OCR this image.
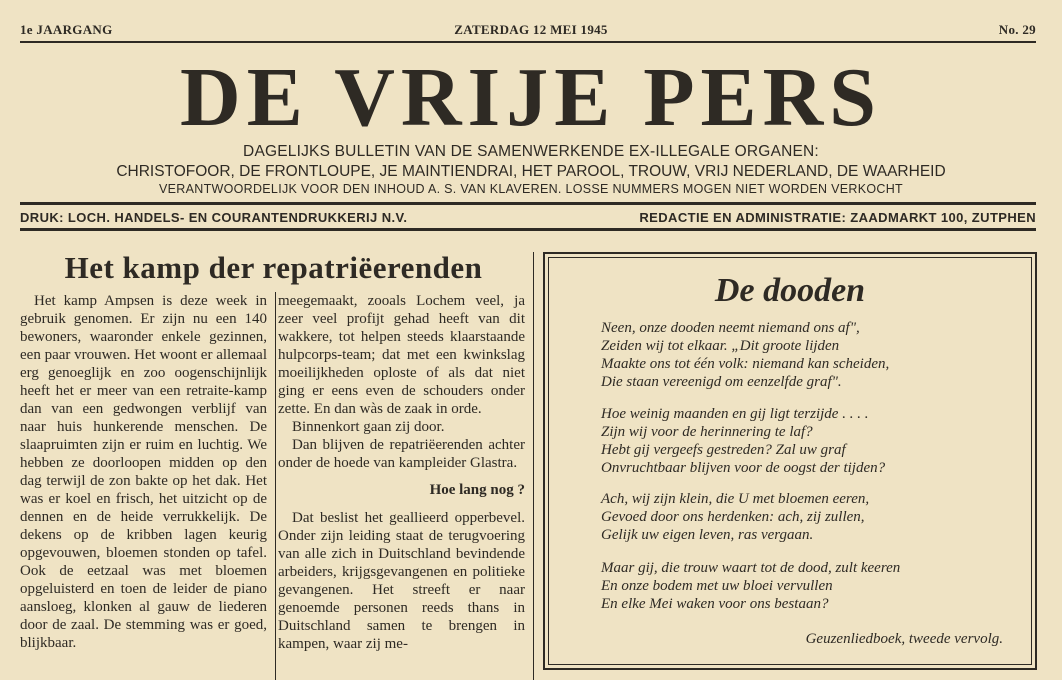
1e JAARGANG	ZATERDAG 12 MEI 1945	No. 29
DE VRIJE PERS
DAGELIJKS BULLETIN VAN DE SAMENWERKENDE EX-ILLEGALE ORGANEN:
CHRISTOFOOR, DE FRONTLOUPE, JE MAINTIENDRAI, HET PAROOL, TROUW, VRIJ NEDERLAND, DE WAARHEID
VERANTWOORDELIJK VOOR DEN INHOUD A. S. VAN KLAVEREN. LOSSE NUMMERS MOGEN NIET WORDEN VERKOCHT
DRUK: LOCH. HANDELS- EN COURANTENDRUKKERIJ N.V.	REDACTIE EN ADMINISTRATIE: ZAADMARKT 100, ZUTPHEN
Het kamp der repatriëerenden

Het kamp Ampsen is deze week in gebruik genomen. Er zijn nu een 140 bewoners, waaronder enkele gezinnen, een paar vrouwen. Het woont er allemaal erg genoeglijk en zoo oogenschijnlijk heeft het er meer van een retraite-kamp dan van een gedwongen verblijf van naar huis hunkerende menschen. De slaapruimten zijn er ruim en luchtig. We hebben ze doorloopen midden op den dag terwijl de zon bakte op het dak. Het was er koel en frisch, het uitzicht op de dennen en de heide verrukkelijk. De dekens op de kribben lagen keurig opgevouwen, bloemen stonden op tafel. Ook de eetzaal was met bloemen opgeluisterd en toen de leider de piano aansloeg, klonken al gauw de liederen door de zaal. De stemming was er goed, blijkbaar.

meegemaakt, zooals Lochem veel, ja zeer veel profijt gehad heeft van dit wakkere, tot helpen steeds klaarstaande hulpcorps-team; dat met een kwinkslag moeilijkheden oploste of als dat niet ging er eens even de schouders onder zette. En dan wàs de zaak in orde.

Binnenkort gaan zij door.

Dan blijven de repatriëerenden achter onder de hoede van kampleider Glastra.

Hoe lang nog ?

Dat beslist het geallieerd opperbevel. Onder zijn leiding staat de terugvoering van alle zich in Duitschland bevindende arbeiders, krijgsgevangenen en politieke gevangenen. Het streeft er naar genoemde personen reeds thans in Duitschland samen te brengen in kampen, waar zij me-

De dooden
Neen, onze dooden neemt niemand ons af",
Zeiden wij tot elkaar. „Dit groote lijden
Maakte ons tot één volk: niemand kan scheiden,
Die staan vereenigd om eenzelfde graf".
Hoe weinig maanden en gij ligt terzijde . . . .
Zijn wij voor de herinnering te laf?
Hebt gij vergeefs gestreden? Zal uw graf
Onvruchtbaar blijven voor de oogst der tijden?
Ach, wij zijn klein, die U met bloemen eeren,
Gevoed door ons herdenken: ach, zij zullen,
Gelijk uw eigen leven, ras vergaan.
Maar gij, die trouw waart tot de dood, zult keeren
En onze bodem met uw bloei vervullen
En elke Mei waken voor ons bestaan?
Geuzenliedboek, tweede vervolg.
